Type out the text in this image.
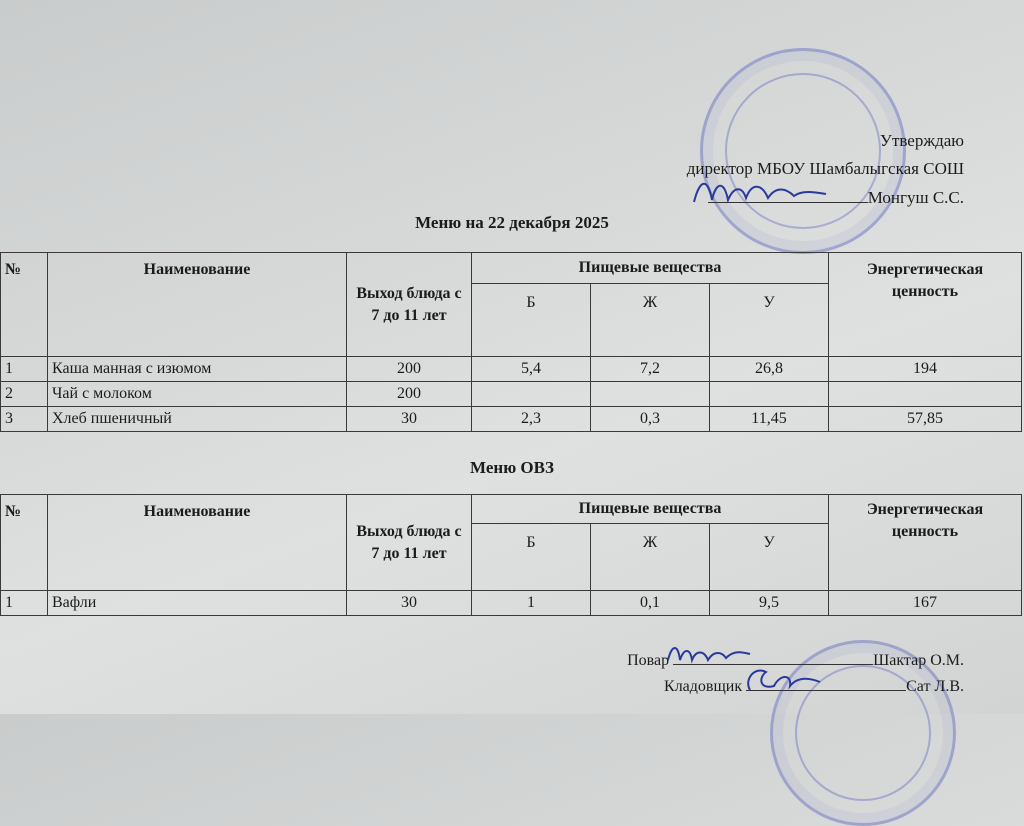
Утверждаю
директор МБОУ Шамбалыгская СОШ
Монгуш С.С.
Меню на 22 декабря 2025
№	Наименование	Выход блюда с 7 до 11 лет	Пищевые вещества			Энергетическая ценность
			Б	Ж	У	
1	Каша манная с изюмом	200	5,4	7,2	26,8	194
2	Чай с молоком	200				
3	Хлеб пшеничный	30	2,3	0,3	11,45	57,85
Меню ОВЗ
№	Наименование	Выход блюда с 7 до 11 лет	Пищевые вещества			Энергетическая ценность
			Б	Ж	У	
1	Вафли	30	1	0,1	9,5	167
Повар	Шактар О.М.
Кладовщик	Сат Л.В.
